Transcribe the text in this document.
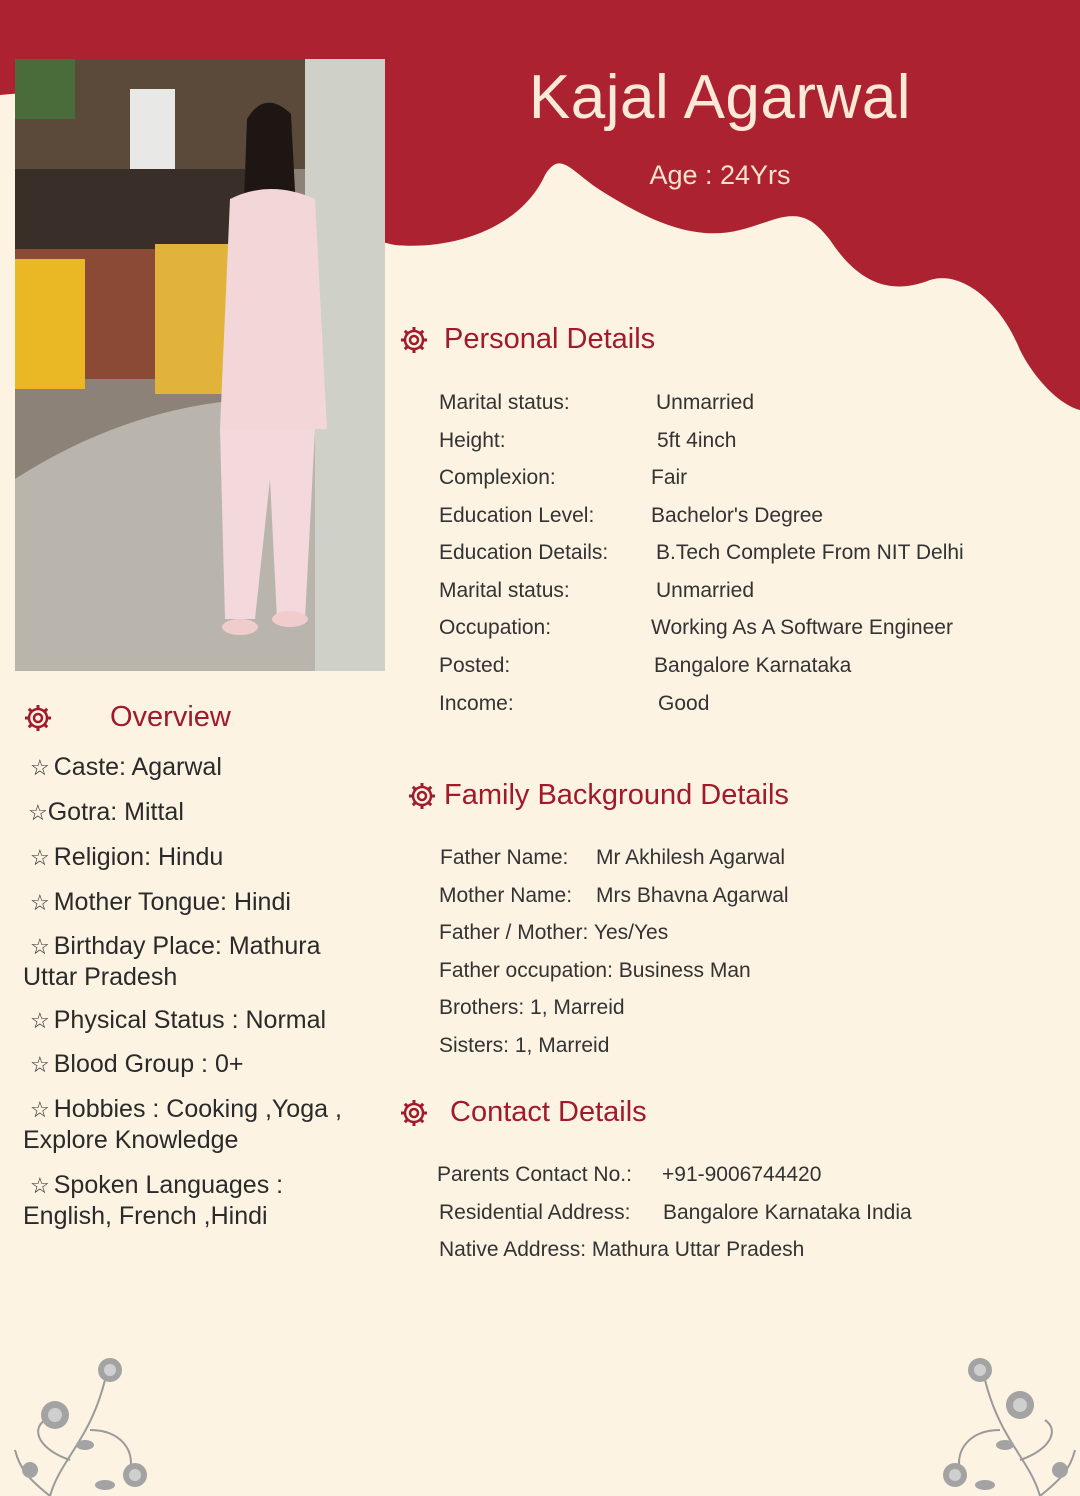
Kajal Agarwal
Age : 24Yrs
Personal Details
Marital status:	Unmarried
Height:	5ft 4inch
Complexion:	Fair
Education Level:	Bachelor's Degree
Education Details: B.Tech Complete From NIT Delhi
Marital status:	Unmarried
Occupation:	Working As A Software Engineer
Posted:	Bangalore Karnataka
Income:	Good
Family Background Details
Father Name: Mr Akhilesh Agarwal
Mother Name: Mrs Bhavna Agarwal
Father / Mother: Yes/Yes
Father occupation: Business Man
Brothers: 1, Marreid
Sisters: 1, Marreid
Contact Details
Parents Contact No.: +91-9006744420
Residential Address: Bangalore Karnataka India
Native Address: Mathura Uttar Pradesh
Overview
☆ Caste: Agarwal
☆Gotra: Mittal
☆ Religion: Hindu
☆ Mother Tongue: Hindi
☆ Birthday Place: Mathura Uttar Pradesh
☆ Physical Status : Normal
☆ Blood Group : 0+
☆ Hobbies : Cooking ,Yoga , Explore Knowledge
☆ Spoken Languages : English, French ,Hindi
